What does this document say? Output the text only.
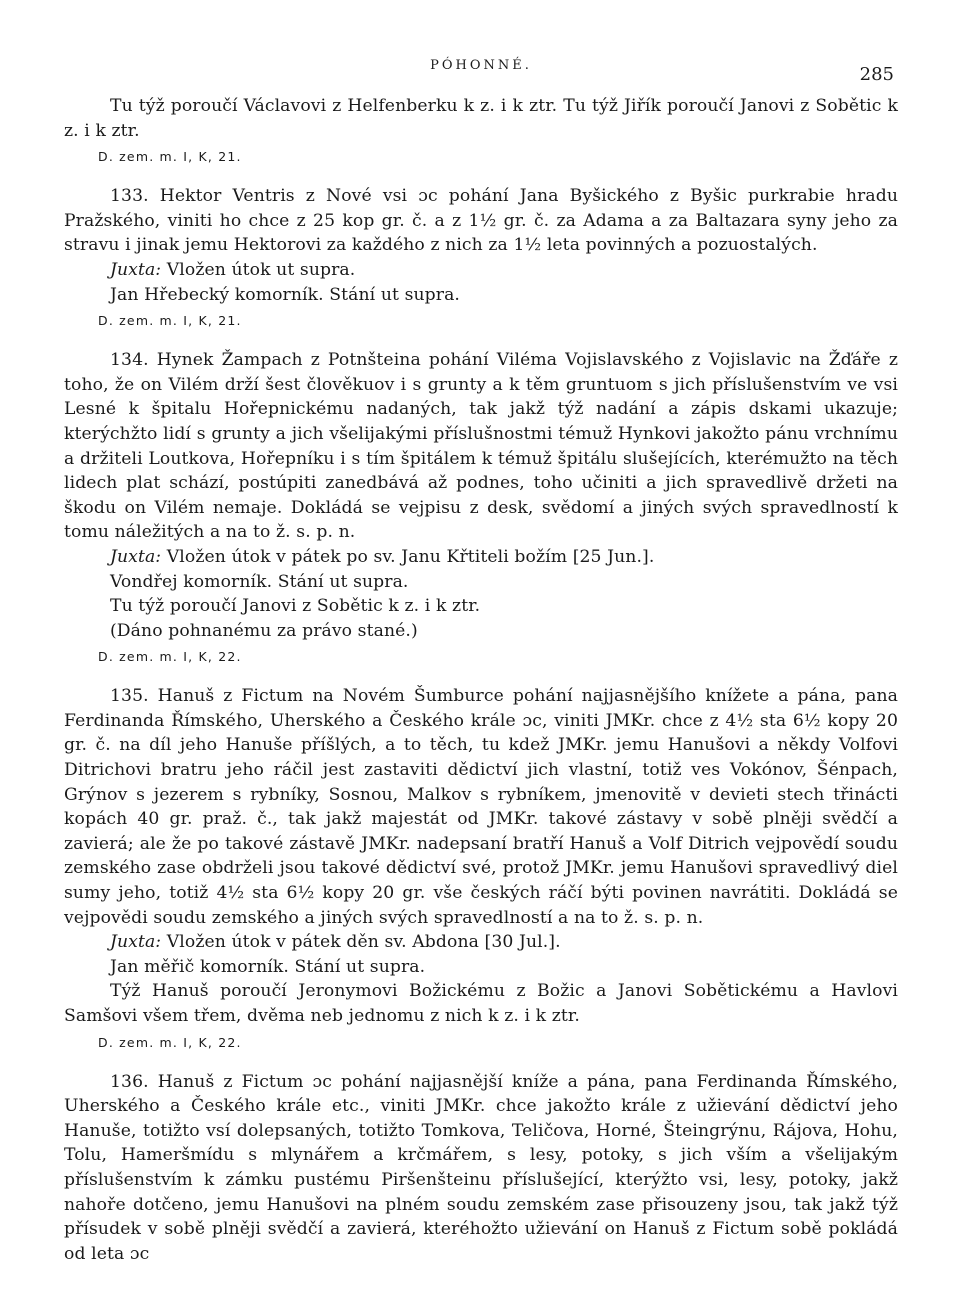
PÓHONNÉ.	285

Tu týž poroučí Václavovi z Helfenberku k z. i k ztr. Tu týž Jiřík poroučí Janovi z Sobětic k z. i k ztr.

D. zem. m. I, K, 21.

133. Hektor Ventris z Nové vsi ɔc pohání Jana Byšického z Byšic purkrabie hradu Pražského, viniti ho chce z 25 kop gr. č. a z 1½ gr. č. za Adama a za Baltazara syny jeho za stravu i jinak jemu Hektorovi za každého z nich za 1½ leta povinných a pozuostalých.

Juxta: Vložen útok ut supra.

Jan Hřebecký komorník. Stání ut supra.

D. zem. m. I, K, 21.

134. Hynek Žampach z Potnšteina pohání Viléma Vojislavského z Vojislavic na Žďáře z toho, že on Vilém drží šest člověkuov i s grunty a k těm gruntuom s jich příslušenstvím ve vsi Lesné k špitalu Hořepnickému nadaných, tak jakž týž nadání a zápis dskami ukazuje; kterýchžto lidí s grunty a jich všelijakými příslušnostmi témuž Hynkovi jakožto pánu vrchnímu a držiteli Loutkova, Hořepníku i s tím špitálem k témuž špitálu slušejících, kterémužto na těch lidech plat schází, postúpiti zanedbává až podnes, toho učiniti a jich spravedlivě držeti na škodu on Vilém nemaje. Dokládá se vejpisu z desk, svědomí a jiných svých spravedlností k tomu náležitých a na to ž. s. p. n.

Juxta: Vložen útok v pátek po sv. Janu Křtiteli božím [25 Jun.].

Vondřej komorník. Stání ut supra.

Tu týž poroučí Janovi z Sobětic k z. i k ztr.

(Dáno pohnanému za právo stané.)

D. zem. m. I, K, 22.

135. Hanuš z Fictum na Novém Šumburce pohání najjasnějšího knížete a pána, pana Ferdinanda Římského, Uherského a Českého krále ɔc, viniti JMKr. chce z 4½ sta 6½ kopy 20 gr. č. na díl jeho Hanuše příšlých, a to těch, tu kdež JMKr. jemu Hanušovi a někdy Volfovi Ditrichovi bratru jeho ráčil jest zastaviti dědictví jich vlastní, totiž ves Vokónov, Šénpach, Grýnov s jezerem s rybníky, Sosnou, Malkov s rybníkem, jmenovitě v devieti stech třinácti kopách 40 gr. praž. č., tak jakž majestát od JMKr. takové zástavy v sobě plněji svědčí a zavierá; ale že po takové zástavě JMKr. nadepsaní bratří Hanuš a Volf Ditrich vejpovědí soudu zemského zase obdrželi jsou takové dědictví své, protož JMKr. jemu Hanušovi spravedlivý diel sumy jeho, totiž 4½ sta 6½ kopy 20 gr. vše českých ráčí býti povinen navrátiti. Dokládá se vejpovědi soudu zemského a jiných svých spravedlností a na to ž. s. p. n.

Juxta: Vložen útok v pátek děn sv. Abdona [30 Jul.].

Jan měřič komorník. Stání ut supra.

Týž Hanuš poroučí Jeronymovi Božickému z Božic a Janovi Sobětickému a Havlovi Samšovi všem třem, dvěma neb jednomu z nich k z. i k ztr.

D. zem. m. I, K, 22.

136. Hanuš z Fictum ɔc pohání najjasnější kníže a pána, pana Ferdinanda Římského, Uherského a Českého krále etc., viniti JMKr. chce jakožto krále z užievání dědictví jeho Hanuše, totižto vsí dolepsaných, totižto Tomkova, Teličova, Horné, Šteingrýnu, Rájova, Hohu, Tolu, Hameršmídu s mlynářem a krčmářem, s lesy, potoky, s jich vším a všelijakým příslušenstvím k zámku pustému Piršenšteinu příslušející, kterýžto vsi, lesy, potoky, jakž nahoře dotčeno, jemu Hanušovi na plném soudu zemském zase přisouzeny jsou, tak jakž týž přísudek v sobě plněji svědčí a zavierá, kteréhožto užievání on Hanuš z Fictum sobě pokládá od leta ɔc
